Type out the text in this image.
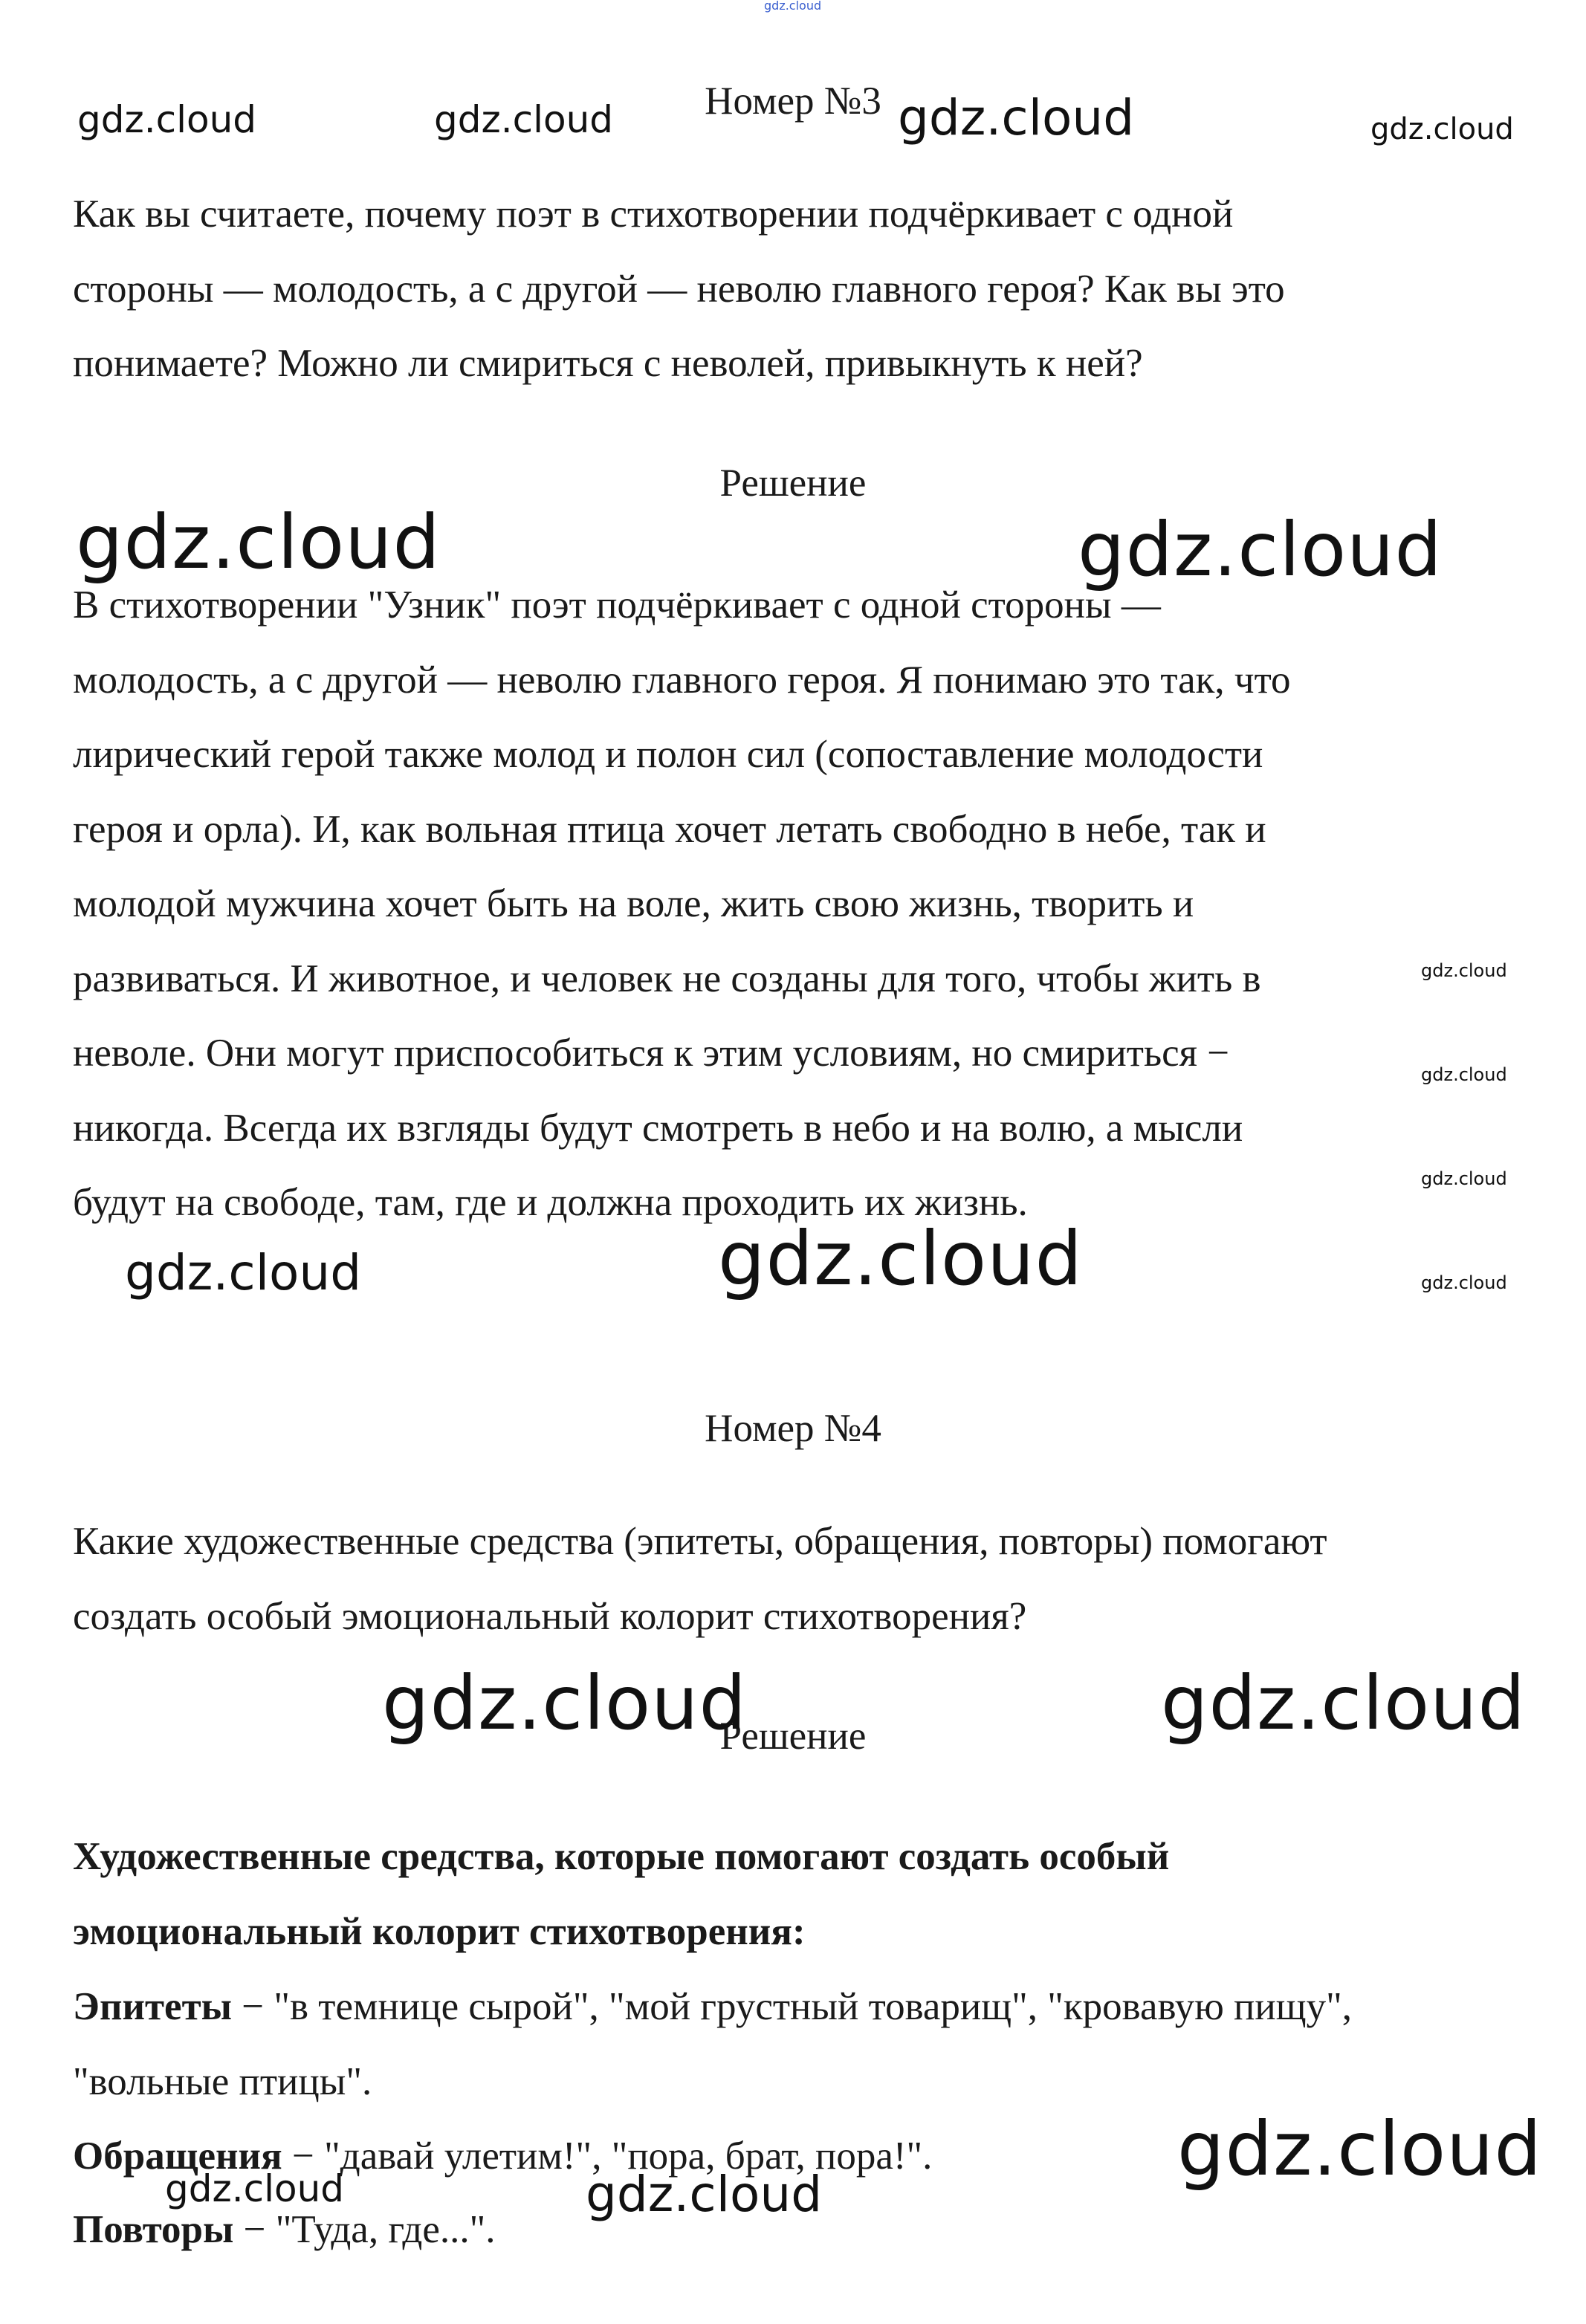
Номер №3
Как вы считаете, почему поэт в стихотворении подчёркивает с одной
стороны — молодость, а с другой — неволю главного героя? Как вы это
понимаете? Можно ли смириться с неволей, привыкнуть к ней?
Решение
В стихотворении "Узник" поэт подчёркивает с одной стороны —
молодость, а с другой — неволю главного героя. Я понимаю это так, что
лирический герой также молод и полон сил (сопоставление молодости
героя и орла). И, как вольная птица хочет летать свободно в небе, так и
молодой мужчина хочет быть на воле, жить свою жизнь, творить и
развиваться. И животное, и человек не созданы для того, чтобы жить в
неволе. Они могут приспособиться к этим условиям, но смириться −
никогда. Всегда их взгляды будут смотреть в небо и на волю, а мысли
будут на свободе, там, где и должна проходить их жизнь.
Номер №4
Какие художественные средства (эпитеты, обращения, повторы) помогают
создать особый эмоциональный колорит стихотворения?
Решение
Художественные средства, которые помогают создать особый
эмоциональный колорит стихотворения:
Эпитеты − "в темнице сырой", "мой грустный товарищ", "кровавую пищу",
"вольные птицы".
Обращения − "давай улетим!", "пора, брат, пора!".
Повторы − "Туда, где...".
gdz.cloud
gdz.cloud	gdz.cloud	gdz.cloud	gdz.cloud
gdz.cloud	gdz.cloud
gdz.cloud
gdz.cloud
gdz.cloud
gdz.cloud
gdz.cloud	gdz.cloud
gdz.cloud	gdz.cloud
gdz.cloud
gdz.cloud	gdz.cloud
